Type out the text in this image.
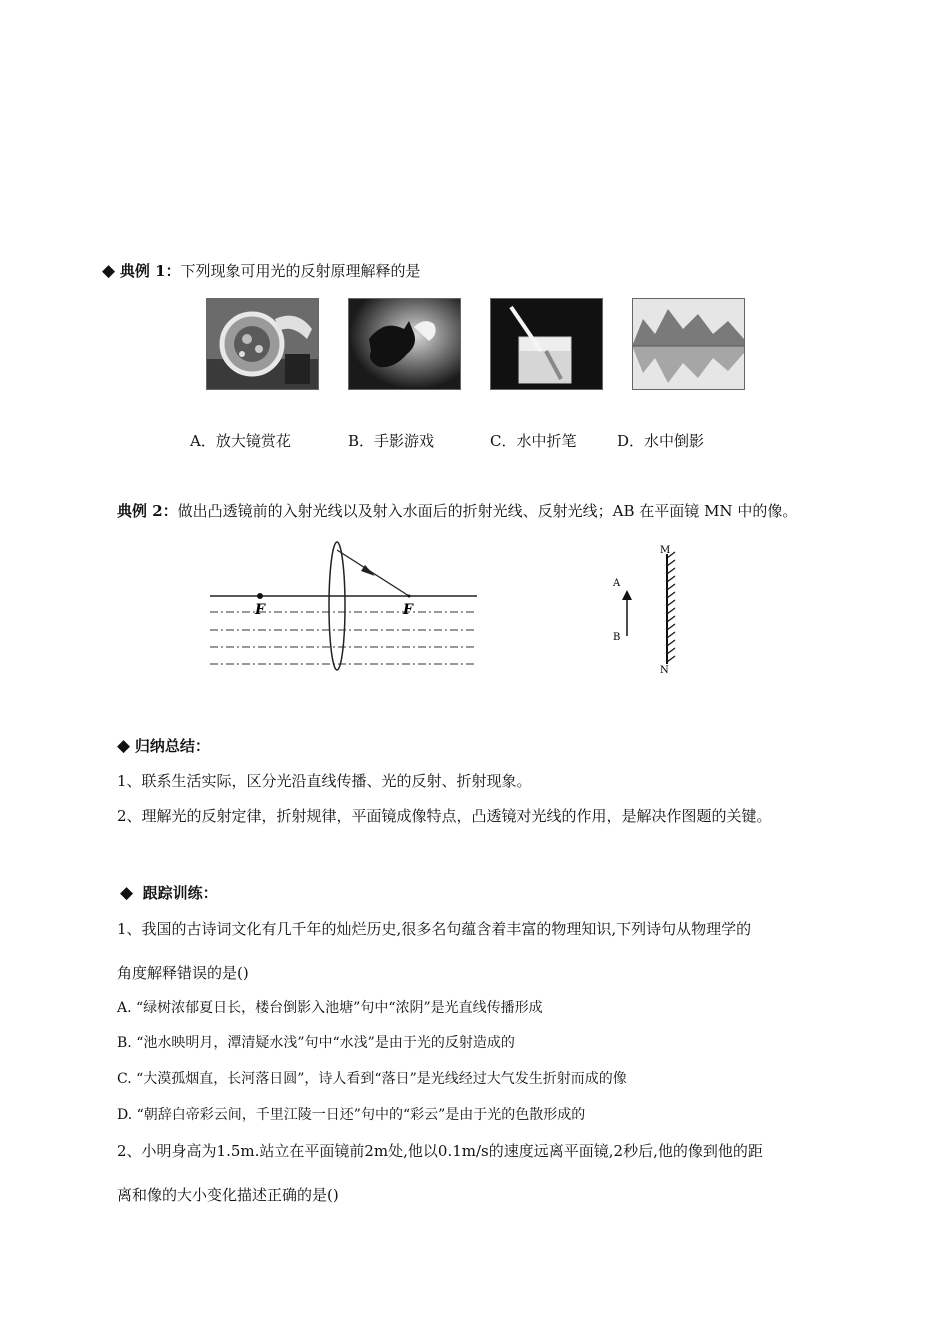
◆ 典例 1：下列现象可用光的反射原理解释的是
A．放大镜赏花	B．手影游戏	C．水中折笔	D．水中倒影
典例 2：做出凸透镜前的入射光线以及射入水面后的折射光线、反射光线；AB 在平面镜 MN 中的像。
F	F
M
N
A
B
◆ 归纳总结：
1、联系生活实际，区分光沿直线传播、光的反射、折射现象。
2、理解光的反射定律，折射规律，平面镜成像特点，凸透镜对光线的作用，是解决作图题的关键。
◆ 跟踪训练：
1、我国的古诗词文化有几千年的灿烂历史,很多名句蕴含着丰富的物理知识,下列诗句从物理学的
角度解释错误的是()
A. “绿树浓郁夏日长，楼台倒影入池塘”句中“浓阴”是光直线传播形成
B. “池水映明月，潭清疑水浅”句中“水浅”是由于光的反射造成的
C. “大漠孤烟直，长河落日圆”，诗人看到“落日”是光线经过大气发生折射而成的像
D. “朝辞白帝彩云间，千里江陵一日还”句中的“彩云”是由于光的色散形成的
2、小明身高为1.5m.站立在平面镜前2m处,他以0.1m/s的速度远离平面镜,2秒后,他的像到他的距
离和像的大小变化描述正确的是()
